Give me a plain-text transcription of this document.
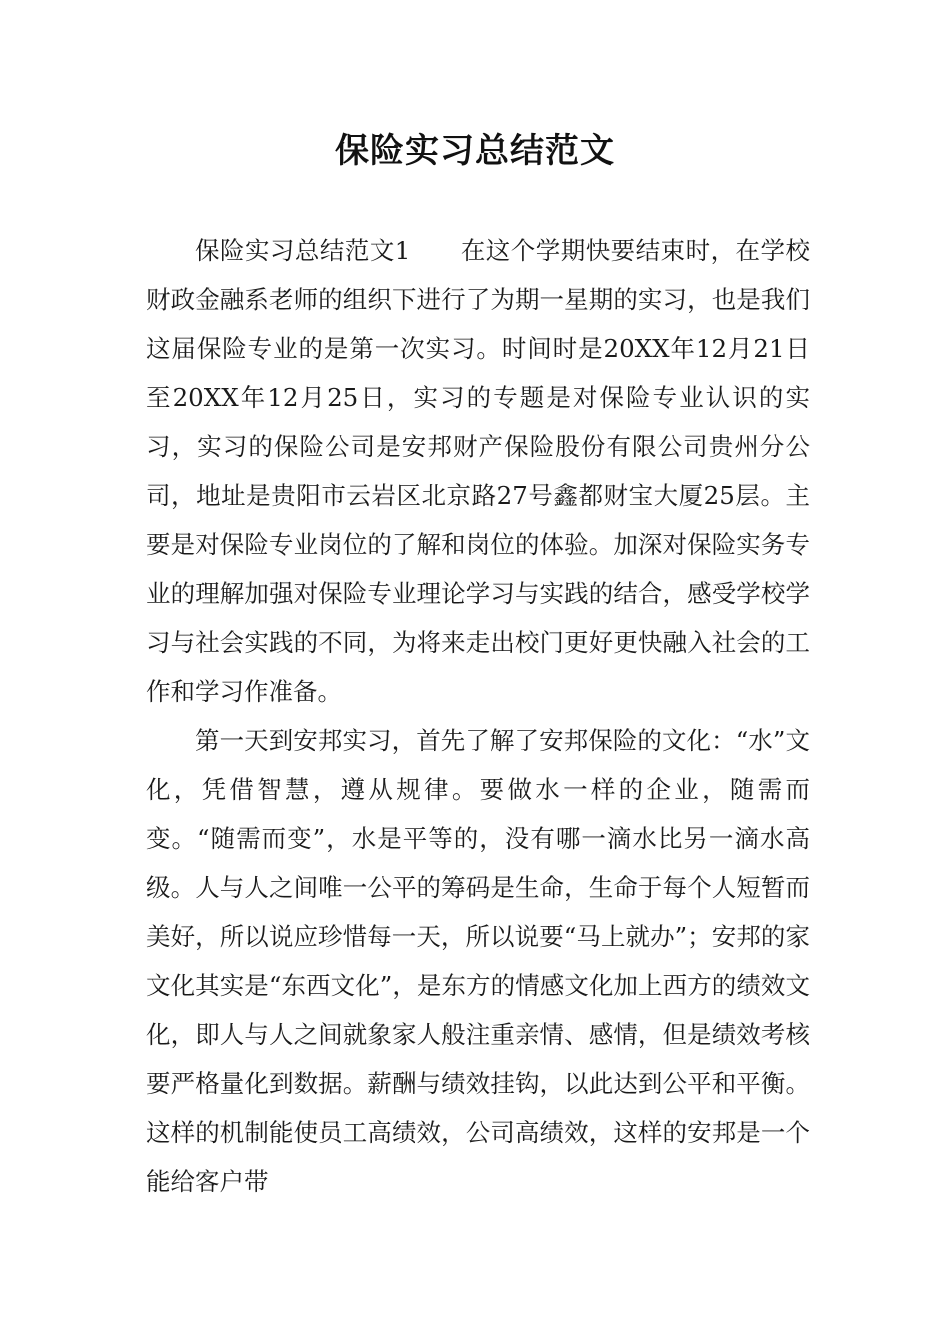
保险实习总结范文

保险实习总结范文1　　在这个学期快要结束时，在学校财政金融系老师的组织下进行了为期一星期的实习，也是我们这届保险专业的是第一次实习。时间时是20XX年12月21日至20XX年12月25日，实习的专题是对保险专业认识的实习，实习的保险公司是安邦财产保险股份有限公司贵州分公司，地址是贵阳市云岩区北京路27号鑫都财宝大厦25层。主要是对保险专业岗位的了解和岗位的体验。加深对保险实务专业的理解加强对保险专业理论学习与实践的结合，感受学校学习与社会实践的不同，为将来走出校门更好更快融入社会的工作和学习作准备。

第一天到安邦实习，首先了解了安邦保险的文化：“水”文化，凭借智慧，遵从规律。要做水一样的企业，随需而变。“随需而变”，水是平等的，没有哪一滴水比另一滴水高级。人与人之间唯一公平的筹码是生命，生命于每个人短暂而美好，所以说应珍惜每一天，所以说要“马上就办”；安邦的家文化其实是“东西文化”，是东方的情感文化加上西方的绩效文化，即人与人之间就象家人般注重亲情、感情，但是绩效考核要严格量化到数据。薪酬与绩效挂钩，以此达到公平和平衡。这样的机制能使员工高绩效，公司高绩效，这样的安邦是一个能给客户带
